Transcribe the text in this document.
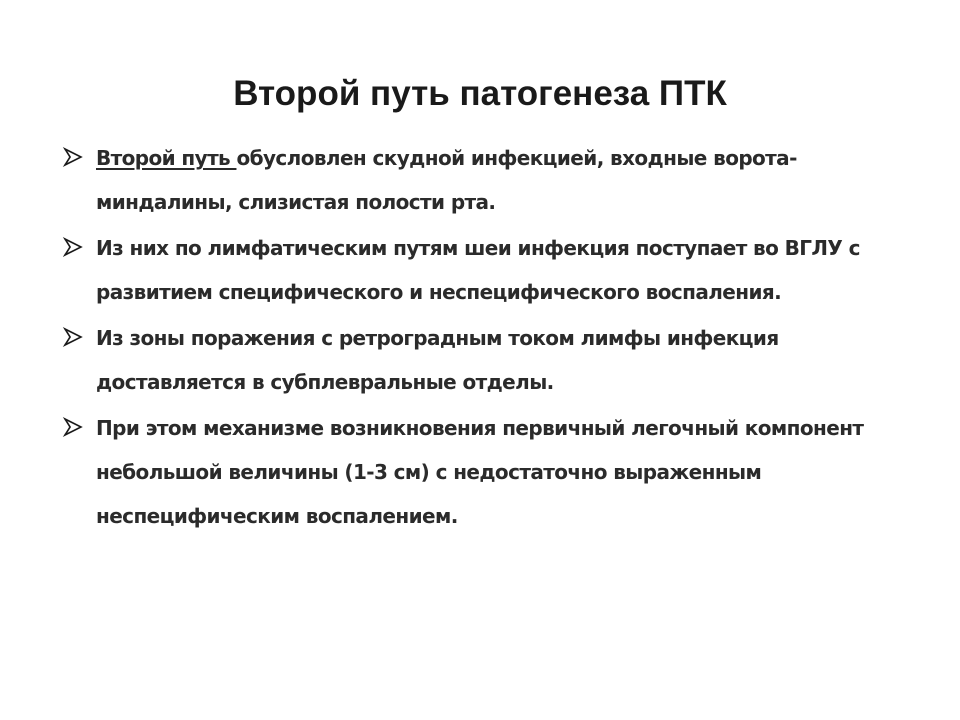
Второй путь патогенеза ПТК
Второй путь обусловлен скудной инфекцией, входные ворота-миндалины, слизистая полости рта.
Из них по лимфатическим путям шеи инфекция поступает во ВГЛУ с развитием специфического и неспецифического воспаления.
Из зоны поражения с ретроградным током лимфы инфекция доставляется в субплевральные отделы.
При этом механизме возникновения первичный легочный компонент небольшой величины (1-3 см) с недостаточно выраженным неспецифическим воспалением.
